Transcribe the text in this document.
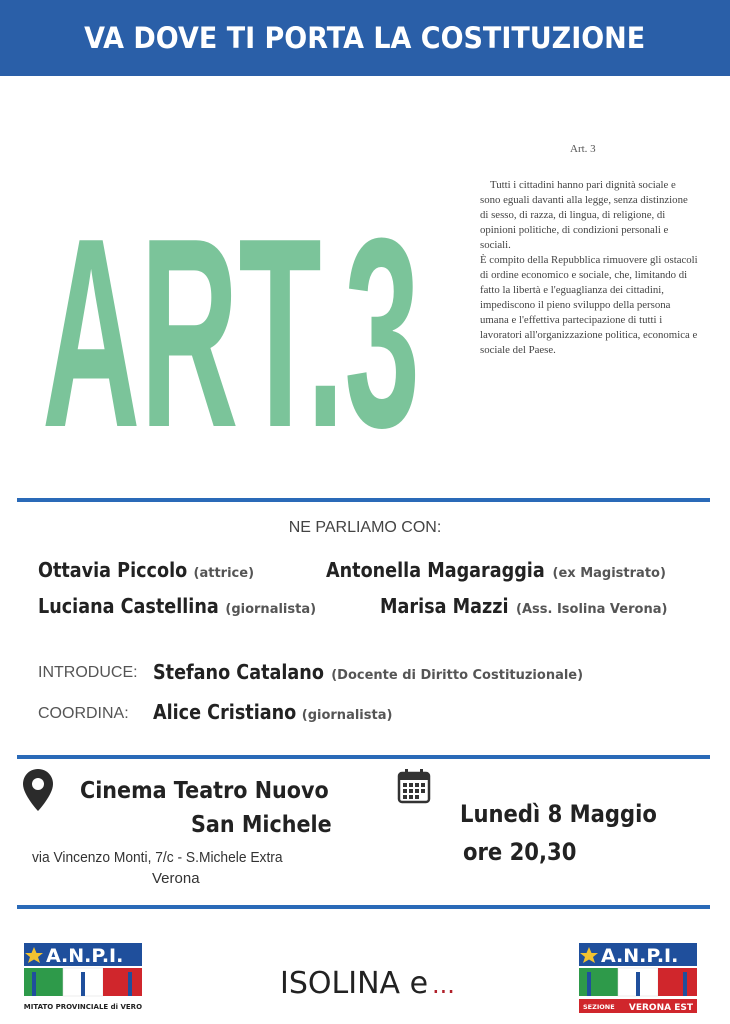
VA DOVE TI PORTA LA COSTITUZIONE
ART.3
Art. 3

Tutti i cittadini hanno pari dignità sociale e sono eguali davanti alla legge, senza distinzione di sesso, di razza, di lingua, di religione, di opinioni politiche, di condizioni personali e sociali.

È compito della Repubblica rimuovere gli ostacoli di ordine economico e sociale, che, limitando di fatto la libertà e l'eguaglianza dei cittadini, impediscono il pieno sviluppo della persona umana e l'effettiva partecipazione di tutti i lavoratori all'organizzazione politica, economica e sociale del Paese.

NE PARLIAMO CON:
Ottavia Piccolo (attrice)	Antonella Magaraggia (ex Magistrato)
Luciana Castellina (giornalista)	Marisa Mazzi (Ass. Isolina Verona)
INTRODUCE: Stefano Catalano (Docente di Diritto Costituzionale)
COORDINA: Alice Cristiano (giornalista)
Cinema Teatro Nuovo
San Michele
via Vincenzo Monti, 7/c - S.Michele Extra
Verona
Lunedì 8 Maggio
ore 20,30
A.N.P.I.
MITATO PROVINCIALE di VERO
ISOLINA e ...
A.N.P.I.
SEZIONE VERONA EST
